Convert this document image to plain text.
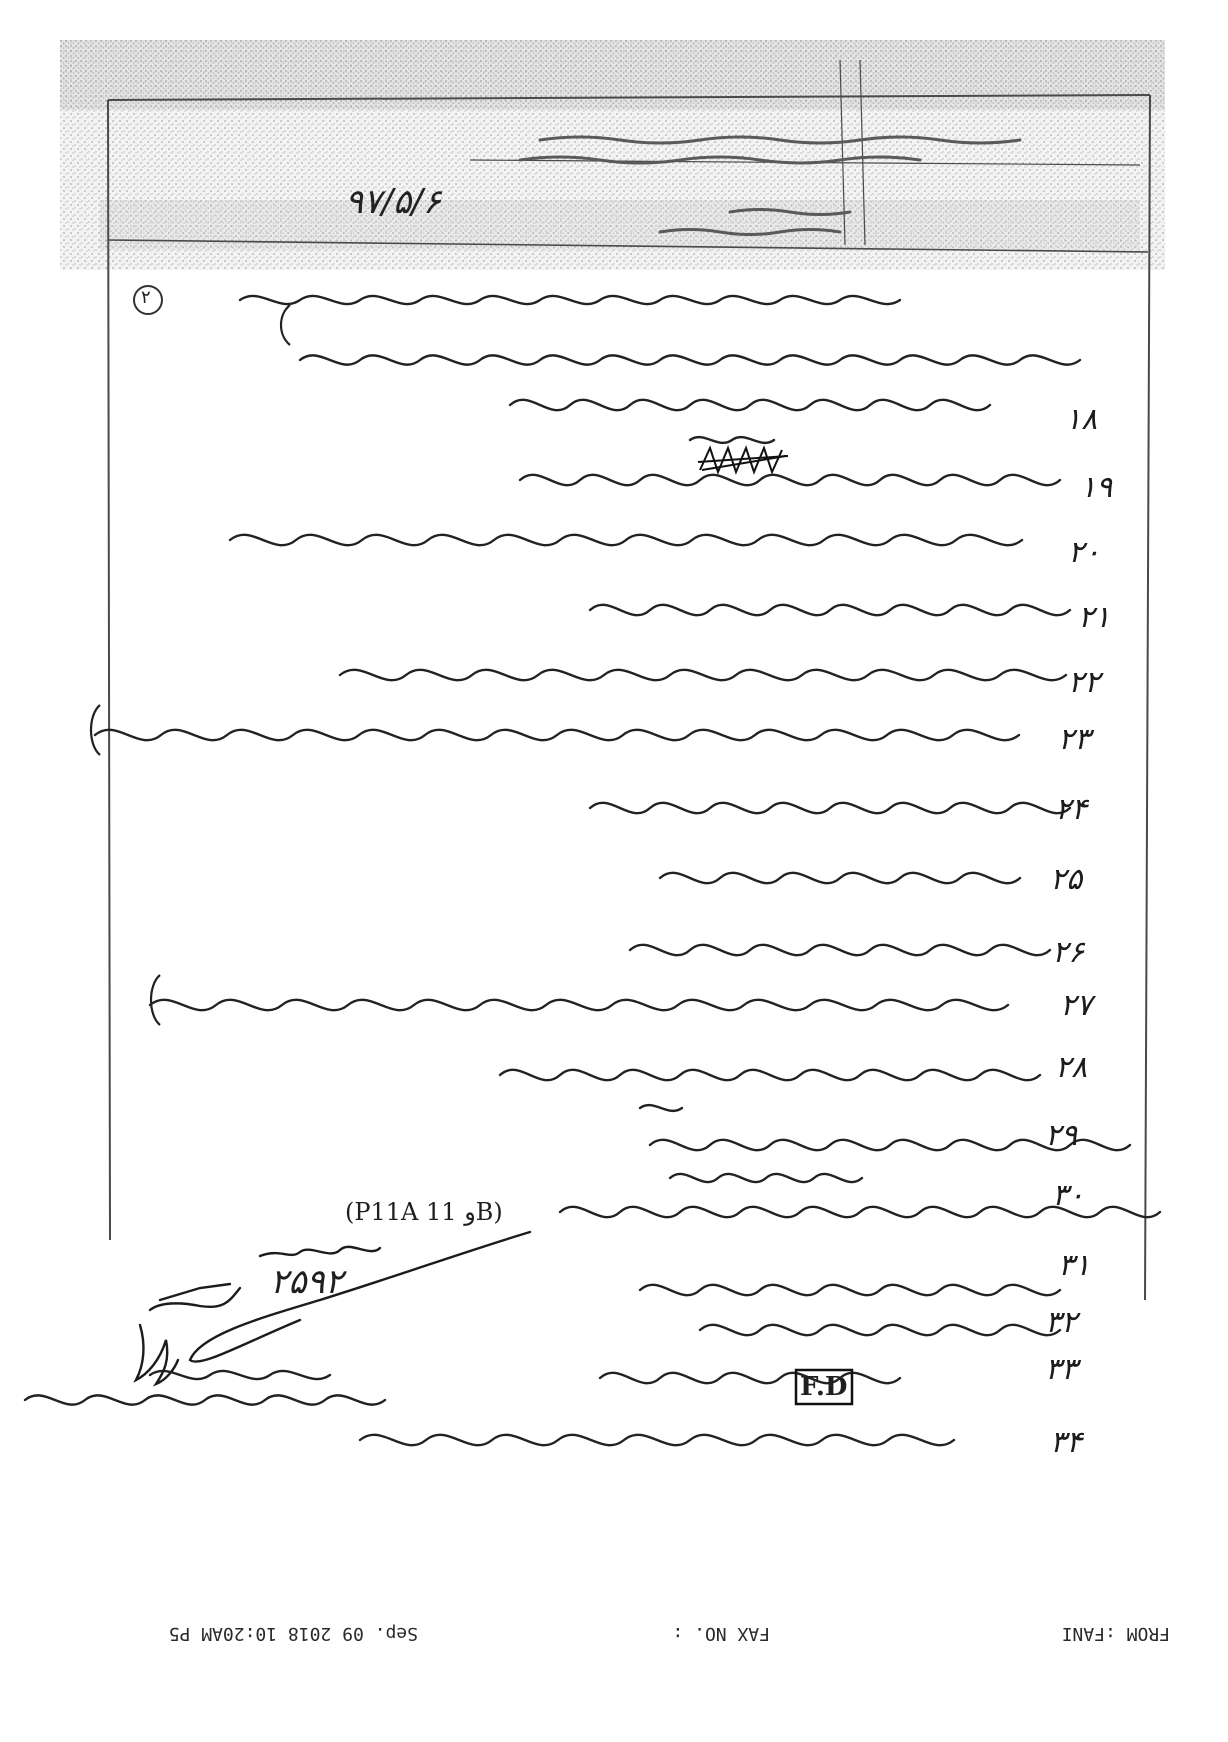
۹۷/۵/۶
۲
۱۸
۱۹
۲۰
۲۱
۲۲
۲۳
۲۴
۲۵
۲۶
۲۷
۲۸
۲۹
۳۰
۳۱
۳۲
۳۳
۳۴
(P11A و 11B)
F.D
۲۵۹۲
Sep. 09 2018 10:20AM P5	FAX NO. :	FROM :FANI
